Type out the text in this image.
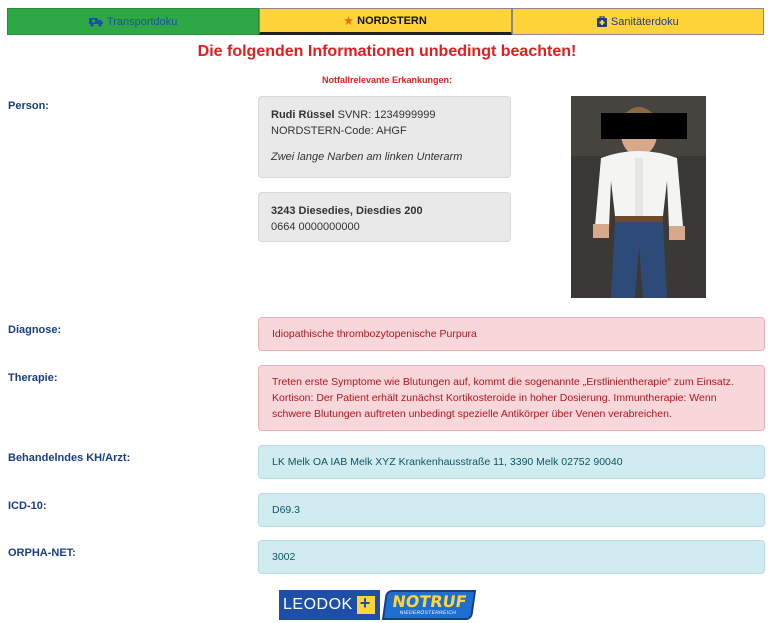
Transportdoku	NORDSTERN	Sanitäterdoku
Die folgenden Informationen unbedingt beachten!
Notfallrelevante Erkankungen:
Person:
Rudi Rüssel SVNR: 1234999999
NORDSTERN-Code: AHGF
Zwei lange Narben am linken Unterarm
3243 Diesedies, Diesdies 200
0664 0000000000
Diagnose:	Idiopathische thrombozytopenische Purpura
Therapie:	Treten erste Symptome wie Blutungen auf, kommt die sogenannte „Erstlinientherapie“ zum Einsatz. Kortison: Der Patient erhält zunächst Kortikosteroide in hoher Dosierung. Immuntherapie: Wenn schwere Blutungen auftreten unbedingt spezielle Antikörper über Venen verabreichen.
Behandelndes KH/Arzt:	LK Melk OA IAB Melk XYZ Krankenhausstraße 11, 3390 Melk 02752 90040
ICD-10:	D69.3
ORPHA-NET:	3002
LEODOK
+ NOTRUF
NIEDERÖSTERREICH
